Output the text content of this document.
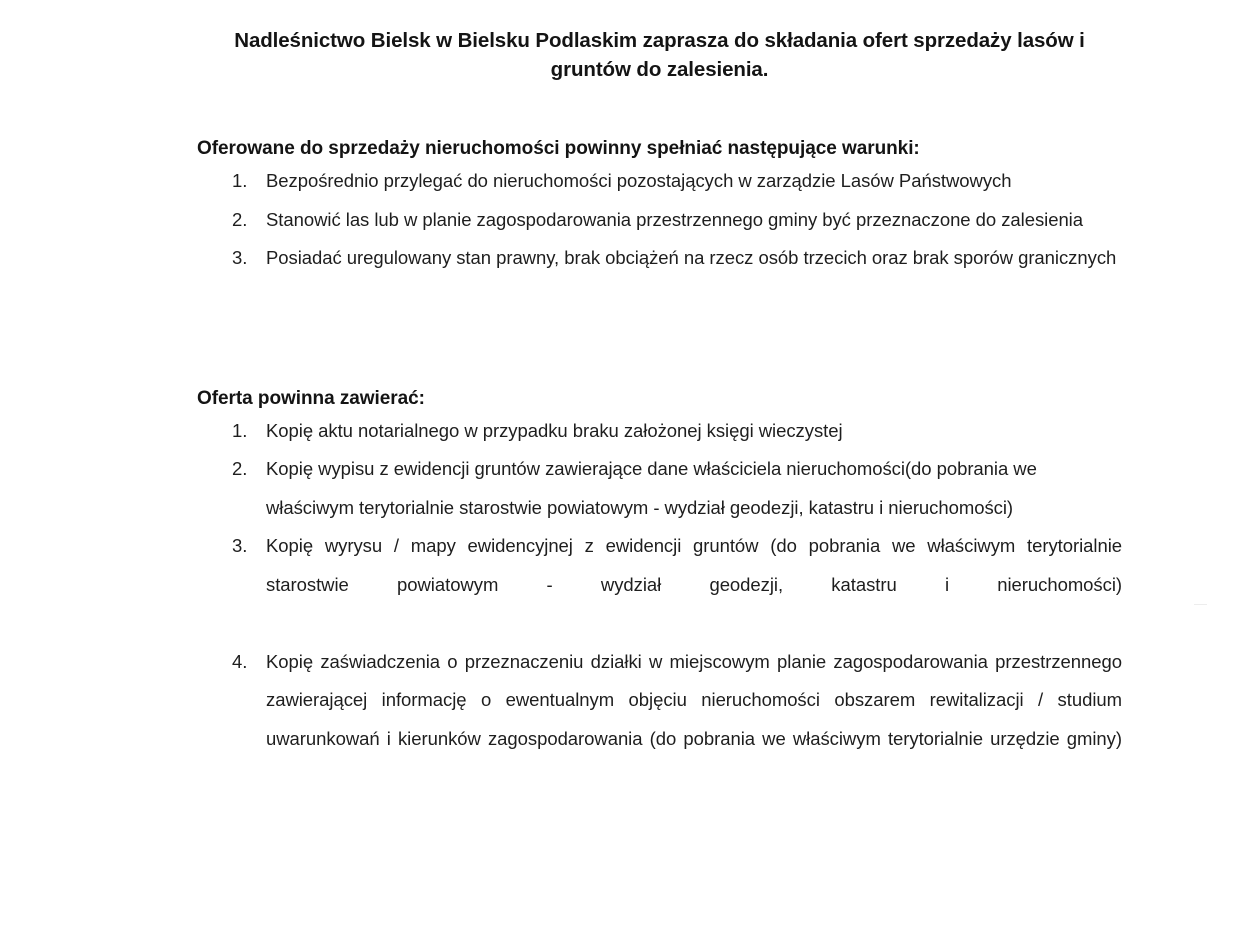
Nadleśnictwo Bielsk w Bielsku Podlaskim zaprasza do składania ofert sprzedaży lasów i gruntów do zalesienia.
Oferowane do sprzedaży nieruchomości powinny spełniać następujące warunki:
1.	Bezpośrednio przylegać do nieruchomości pozostających w zarządzie Lasów Państwowych
2.	Stanowić las lub w planie zagospodarowania przestrzennego gminy być przeznaczone do zalesienia
3.	Posiadać uregulowany stan prawny, brak obciążeń na rzecz osób trzecich oraz brak sporów granicznych
Oferta powinna zawierać:
1.	Kopię aktu notarialnego w przypadku braku założonej księgi wieczystej
2.	Kopię wypisu z ewidencji gruntów zawierające dane właściciela nieruchomości(do pobrania we właściwym terytorialnie starostwie powiatowym - wydział geodezji, katastru i nieruchomości)
3.	Kopię wyrysu / mapy ewidencyjnej z ewidencji gruntów (do pobrania we właściwym terytorialnie starostwie powiatowym - wydział geodezji, katastru i nieruchomości)
4.	Kopię zaświadczenia o przeznaczeniu działki w miejscowym planie zagospodarowania przestrzennego zawierającej informację o ewentualnym objęciu nieruchomości obszarem rewitalizacji / studium uwarunkowań i kierunków zagospodarowania (do pobrania we właściwym terytorialnie urzędzie gminy)
